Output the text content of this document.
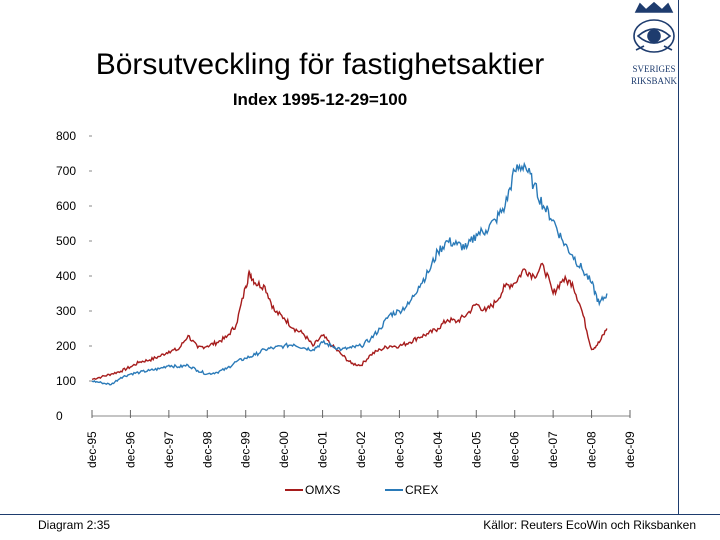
Börsutveckling för fastighetsaktier
Index 1995-12-29=100
SVERIGES
RIKSBANK
0
100
200
300
400
500
600
700
800
dec-95 dec-96 dec-97 dec-98 dec-99 dec-00 dec-01 dec-02 dec-03 dec-04 dec-05 dec-06 dec-07 dec-08 dec-09
OMXS	CREX
Diagram 2:35	Källor: Reuters EcoWin och Riksbanken
